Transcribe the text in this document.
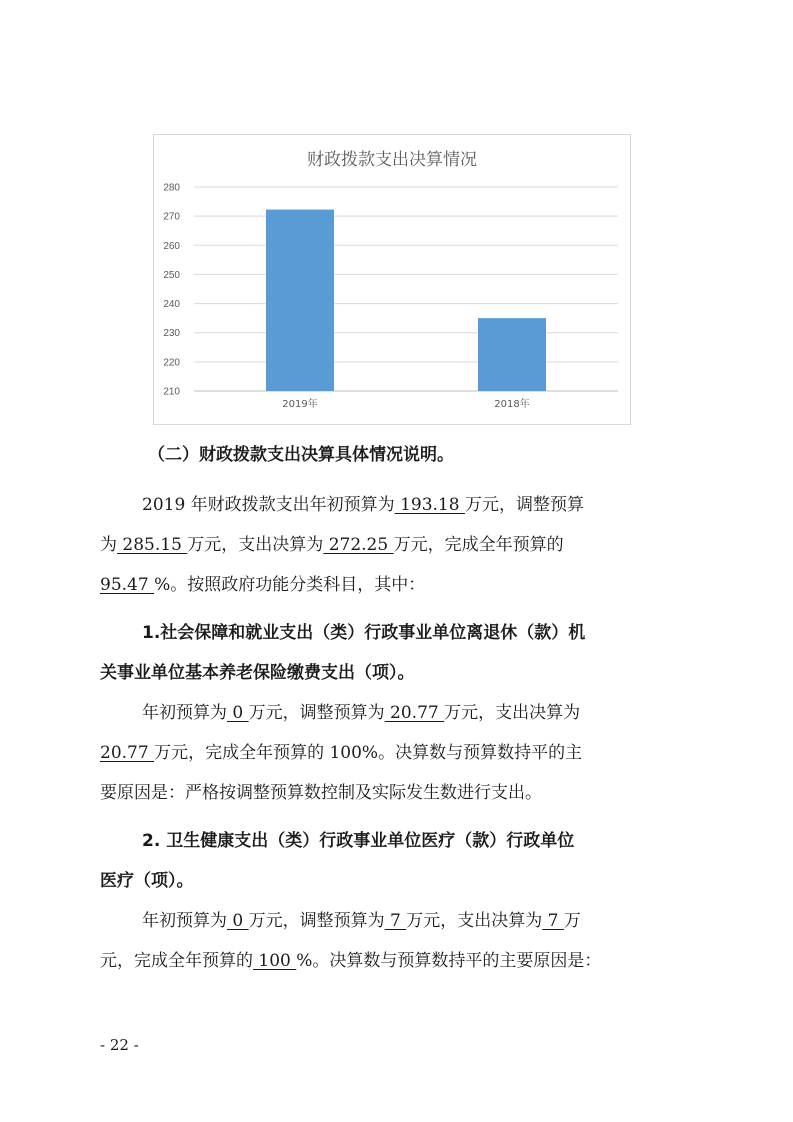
财政拨款支出决算情况
210
220
230
240
250
260
270
280
2019年	2018年
（二）财政拨款支出决算具体情况说明。
2019 年财政拨款支出年初预算为 193.18 万元，调整预算
为 285.15 万元，支出决算为 272.25 万元，完成全年预算的
95.47 %。按照政府功能分类科目，其中：
1.社会保障和就业支出（类）行政事业单位离退休（款）机
关事业单位基本养老保险缴费支出（项）。
年初预算为 0 万元，调整预算为 20.77 万元，支出决算为
20.77 万元，完成全年预算的 100%。决算数与预算数持平的主
要原因是：严格按调整预算数控制及实际发生数进行支出。
2. 卫生健康支出（类）行政事业单位医疗（款）行政单位
医疗（项）。
年初预算为 0 万元，调整预算为 7 万元，支出决算为 7 万
元，完成全年预算的 100 %。决算数与预算数持平的主要原因是：
- 22 -
